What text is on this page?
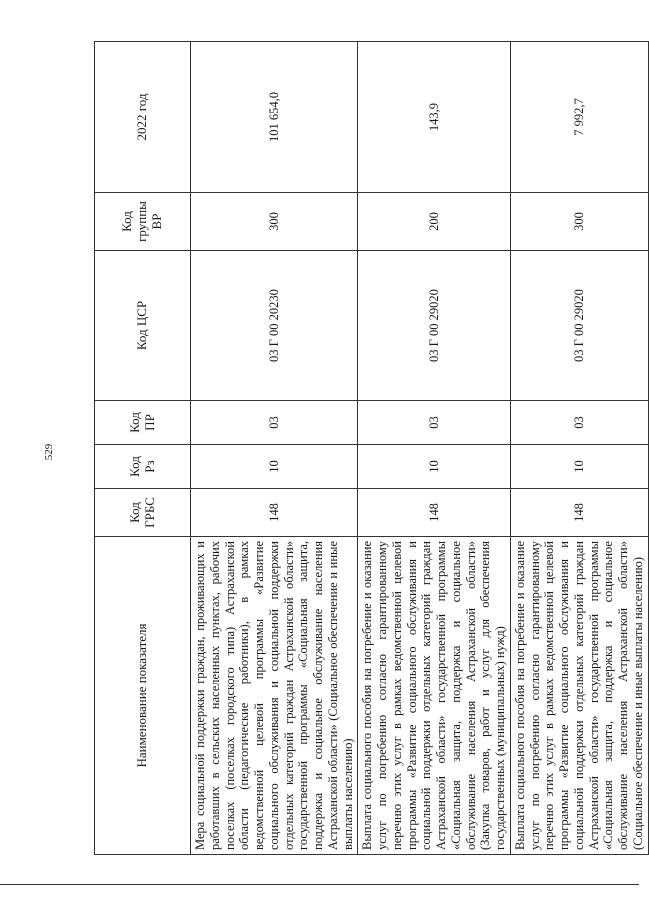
529
Наименование показателя	Код ГРБС	Код Рз	Код ПР	Код ЦСР	Код группы ВР	2022 год
Мера социальной поддержки граждан, проживающих и работавших в сельских населенных пунктах, рабочих поселках (поселках городского типа) Астраханской области (педагогические работники), в рамках ведомственной целевой программы «Развитие социального обслуживания и социальной поддержки отдельных категорий граждан Астраханской области» государственной программы «Социальная защита, поддержка и социальное обслуживание населения Астраханской области» (Социальное обеспечение и иные выплаты населению)	148	10	03	03 Г 00 20230	300	101 654,0
Выплата социального пособия на погребение и оказание услуг по погребению согласно гарантированному перечню этих услуг в рамках ведомственной целевой программы «Развитие социального обслуживания и социальной поддержки отдельных категорий граждан Астраханской области» государственной программы «Социальная защита, поддержка и социальное обслуживание населения Астраханской области» (Закупка товаров, работ и услуг для обеспечения государственных (муниципальных) нужд)	148	10	03	03 Г 00 29020	200	143,9
Выплата социального пособия на погребение и оказание услуг по погребению согласно гарантированному перечню этих услуг в рамках ведомственной целевой программы «Развитие социального обслуживания и социальной поддержки отдельных категорий граждан Астраханской области» государственной программы «Социальная защита, поддержка и социальное обслуживание населения Астраханской области» (Социальное обеспечение и иные выплаты населению)	148	10	03	03 Г 00 29020	300	7 992,7
